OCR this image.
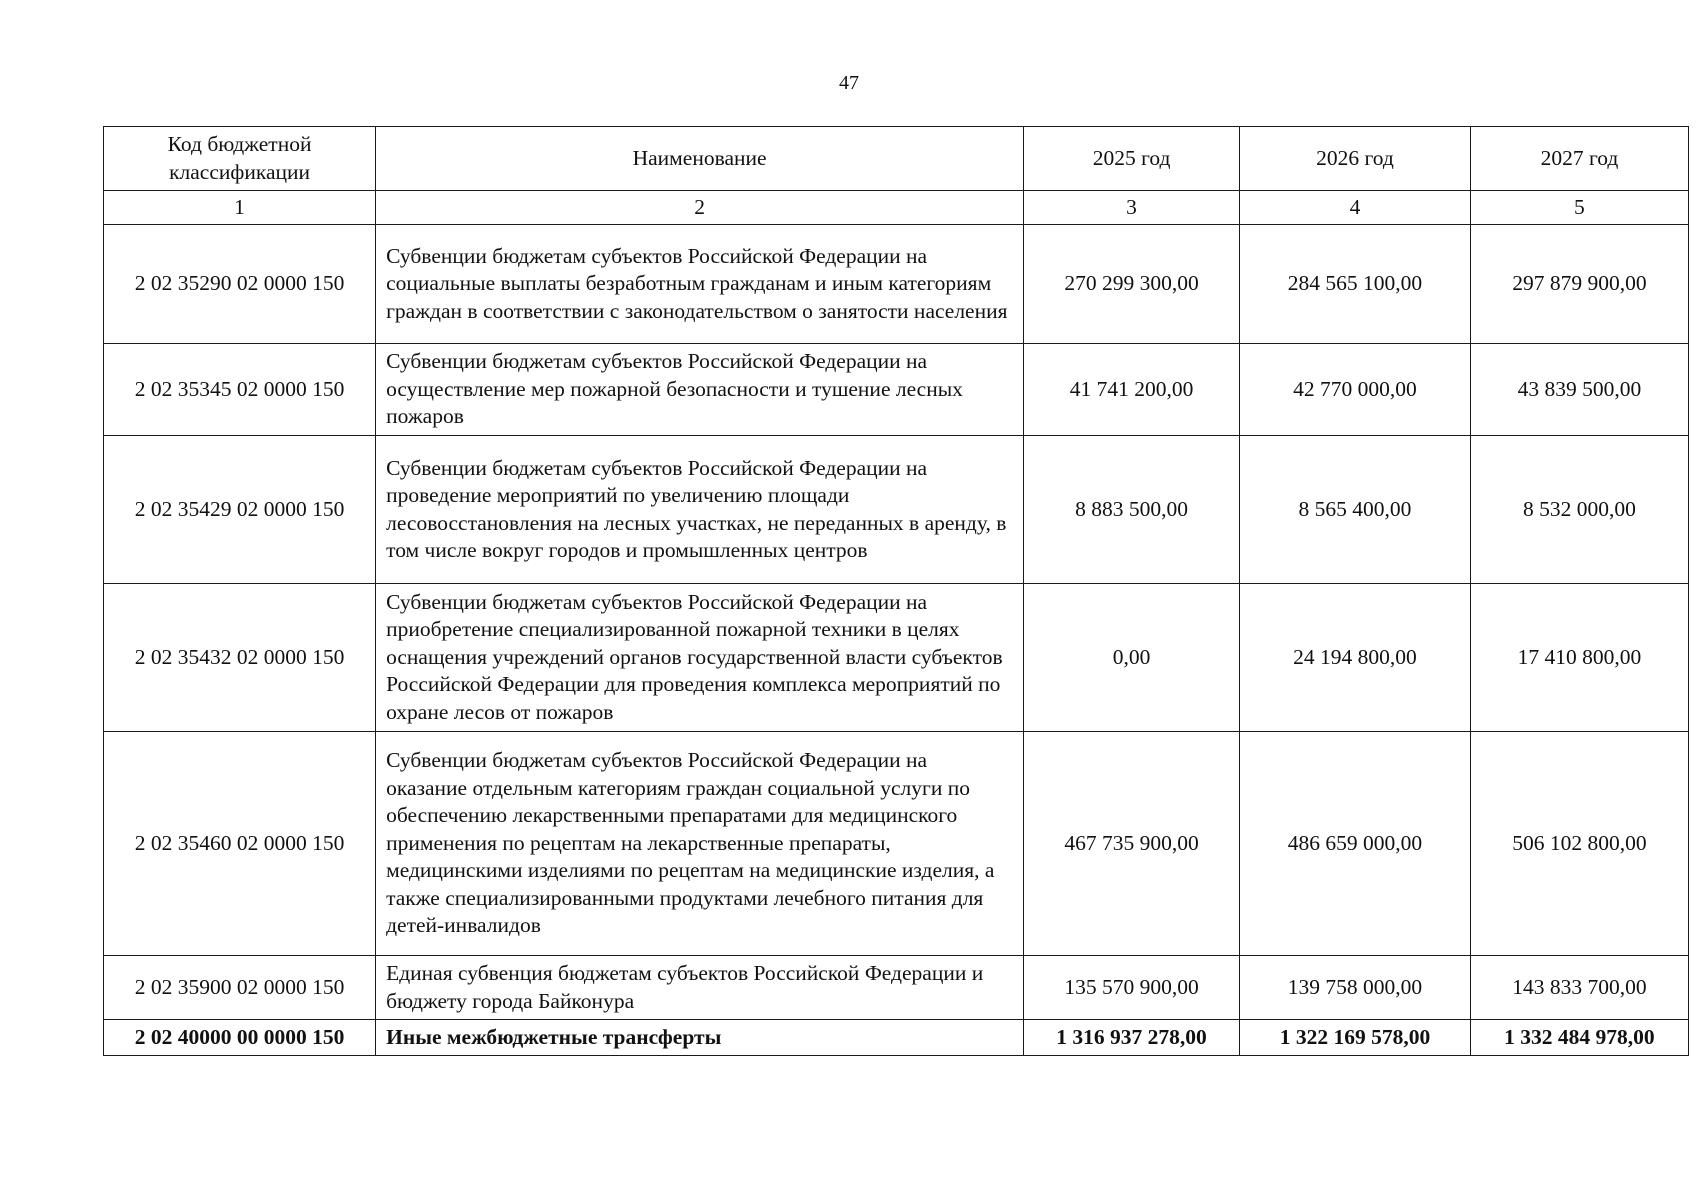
47
Код бюджетной классификации	Наименование	2025 год	2026 год	2027 год
1	2	3	4	5
2 02 35290 02 0000 150	Субвенции бюджетам субъектов Российской Федерации на социальные выплаты безработным гражданам и иным категориям граждан в соответствии с законодательством о занятости населения	270 299 300,00	284 565 100,00	297 879 900,00
2 02 35345 02 0000 150	Субвенции бюджетам субъектов Российской Федерации на осуществление мер пожарной безопасности и тушение лесных пожаров	41 741 200,00	42 770 000,00	43 839 500,00
2 02 35429 02 0000 150	Субвенции бюджетам субъектов Российской Федерации на проведение мероприятий по увеличению площади лесовосстановления на лесных участках, не переданных в аренду, в том числе вокруг городов и промышленных центров	8 883 500,00	8 565 400,00	8 532 000,00
2 02 35432 02 0000 150	Субвенции бюджетам субъектов Российской Федерации на приобретение специализированной пожарной техники в целях оснащения учреждений органов государственной власти субъектов Российской Федерации для проведения комплекса мероприятий по охране лесов от пожаров	0,00	24 194 800,00	17 410 800,00
2 02 35460 02 0000 150	Субвенции бюджетам субъектов Российской Федерации на оказание отдельным категориям граждан социальной услуги по обеспечению лекарственными препаратами для медицинского применения по рецептам на лекарственные препараты, медицинскими изделиями по рецептам на медицинские изделия, а также специализированными продуктами лечебного питания для детей-инвалидов	467 735 900,00	486 659 000,00	506 102 800,00
2 02 35900 02 0000 150	Единая субвенция бюджетам субъектов Российской Федерации и бюджету города Байконура	135 570 900,00	139 758 000,00	143 833 700,00
2 02 40000 00 0000 150	Иные межбюджетные трансферты	1 316 937 278,00	1 322 169 578,00	1 332 484 978,00
